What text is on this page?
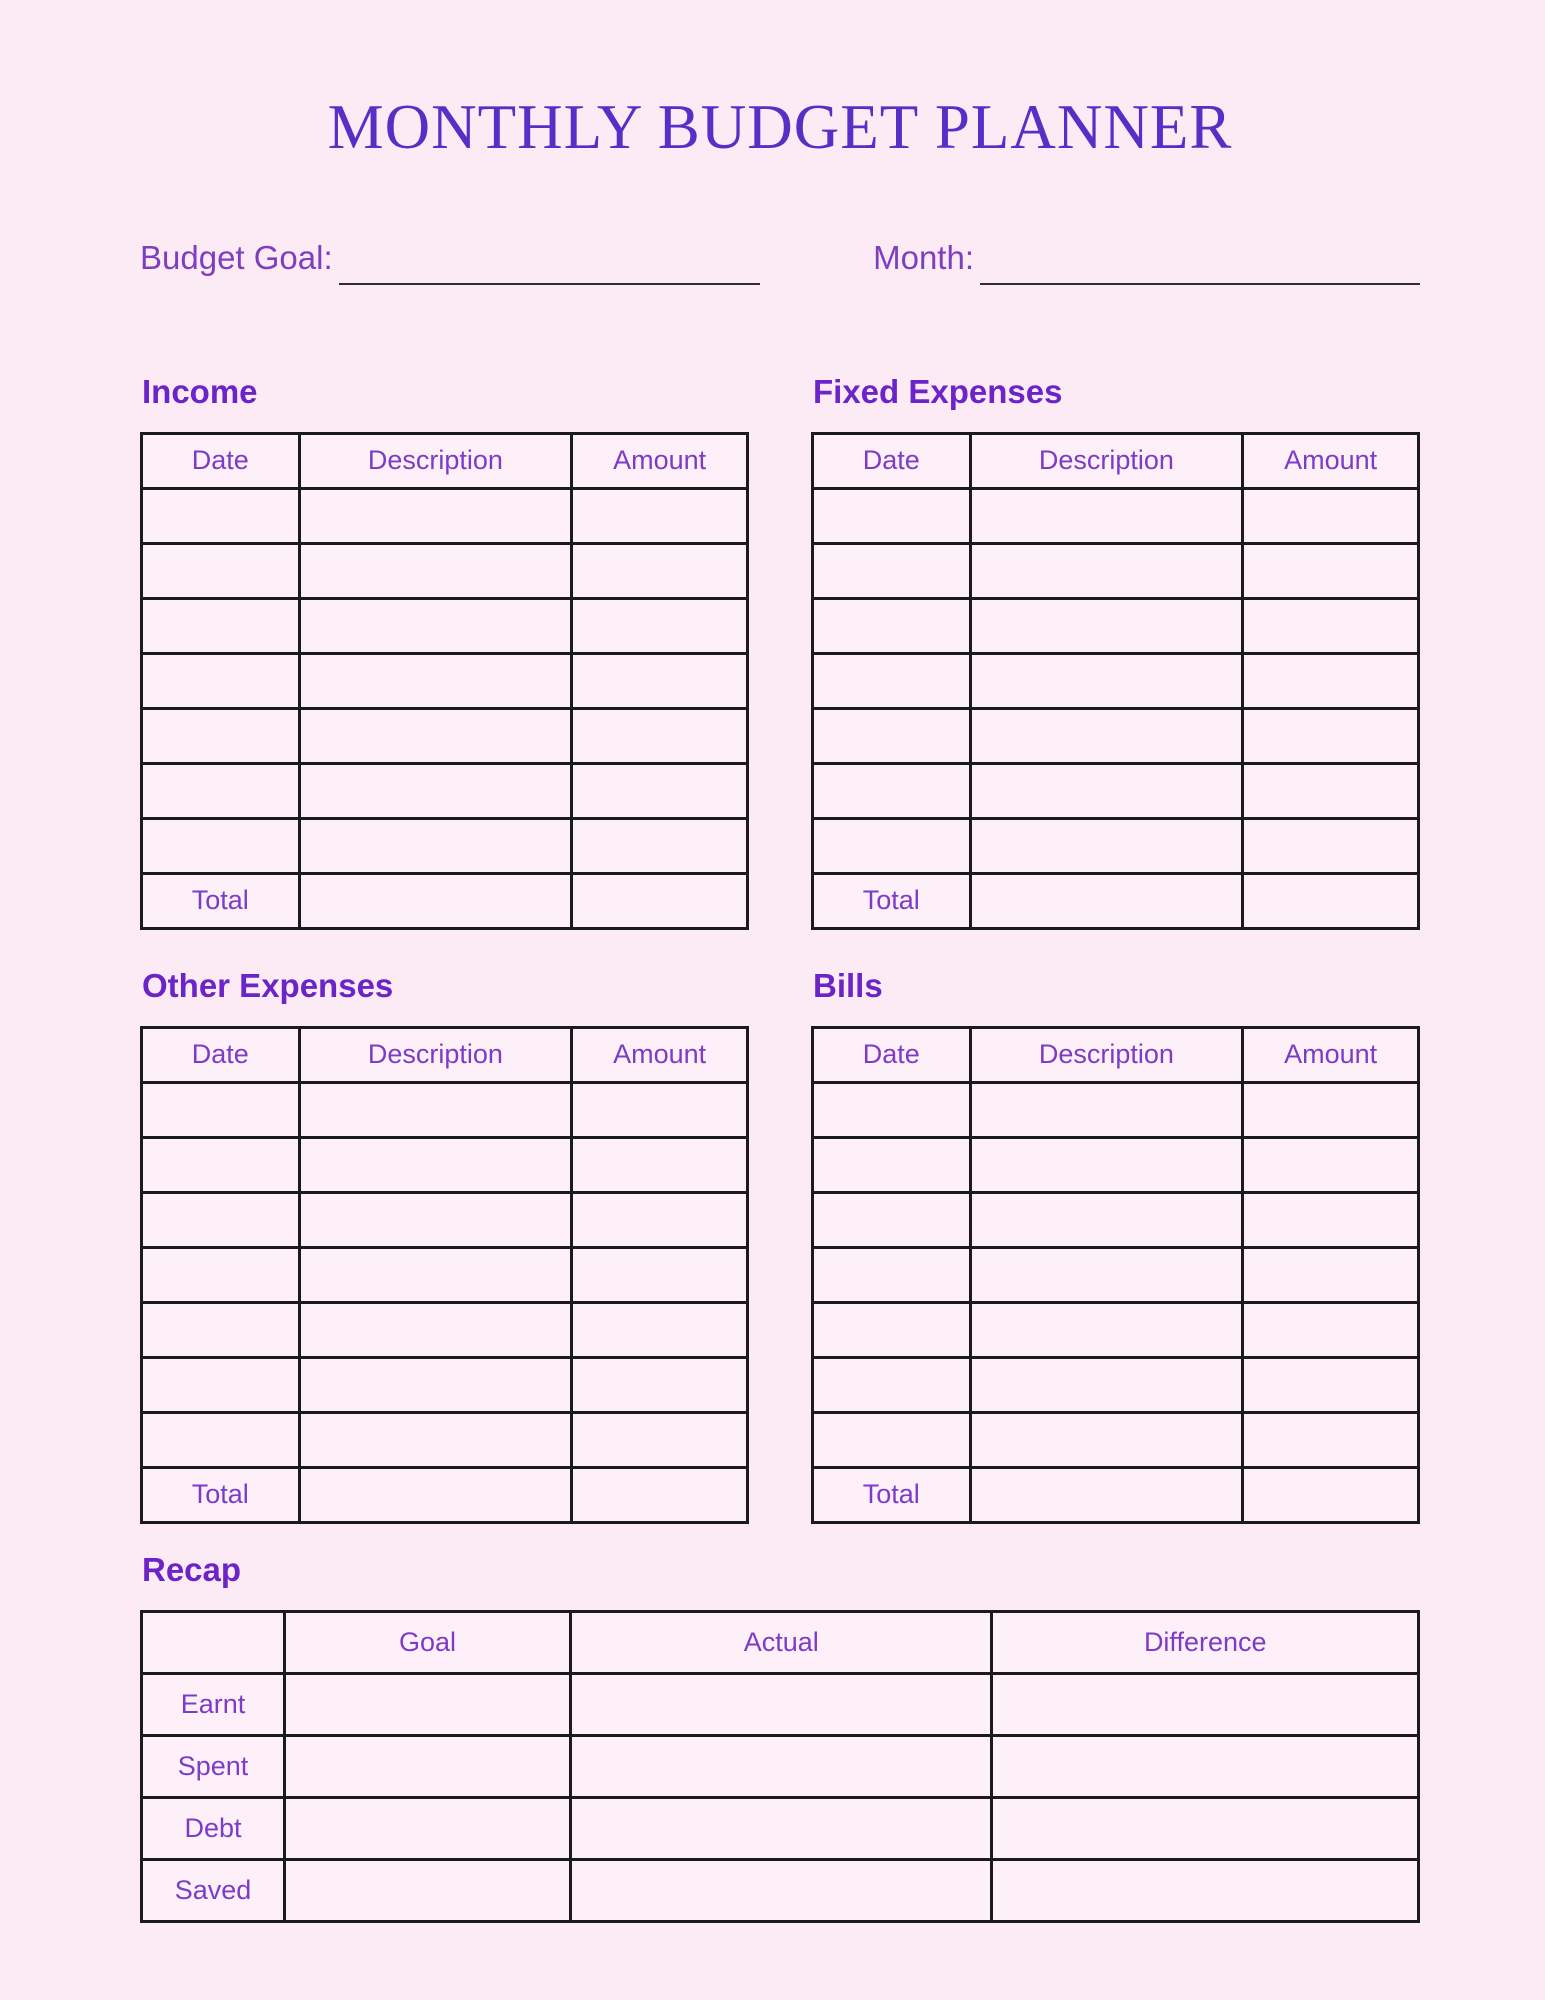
MONTHLY BUDGET PLANNER
Budget Goal:	Month:
Income
Date	Description	Amount

Total		
Fixed Expenses
Date	Description	Amount

Total		
Other Expenses
Date	Description	Amount

Total		
Bills
Date	Description	Amount

Total		
Recap
	Goal	Actual	Difference
Earnt			
Spent			
Debt			
Saved			
